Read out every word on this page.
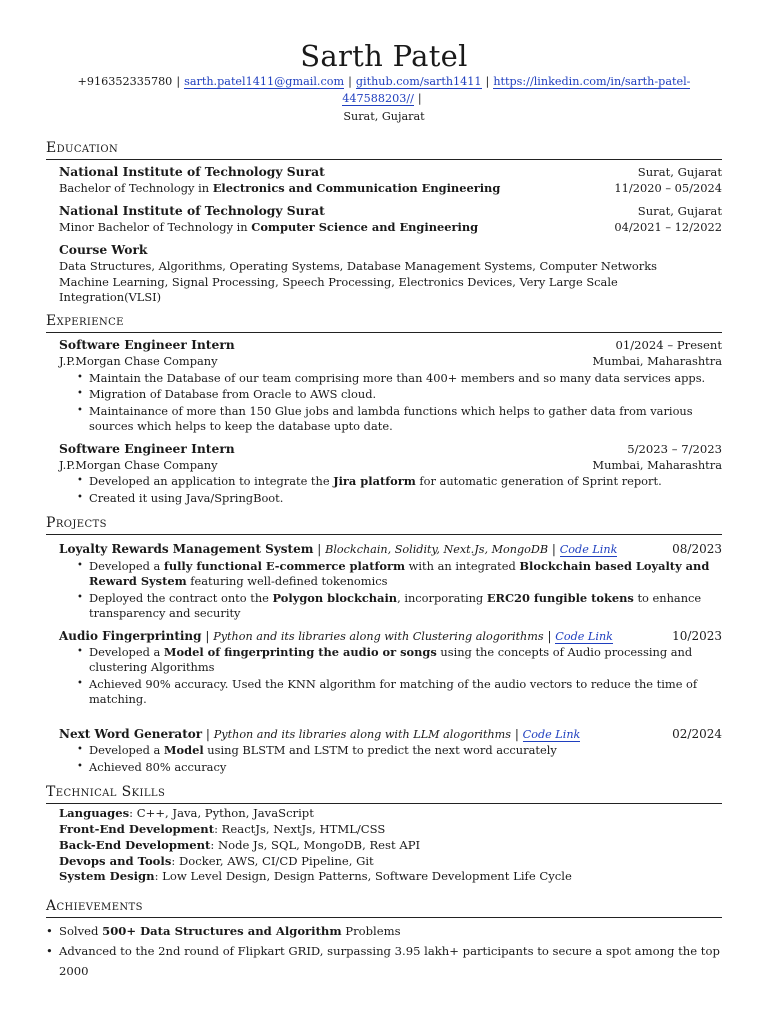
Sarth Patel
+916352335780 | sarth.patel1411@gmail.com | github.com/sarth1411 | https://linkedin.com/in/sarth-patel-447588203// |
Surat, Gujarat
Education
National Institute of Technology Surat	Surat, Gujarat
Bachelor of Technology in Electronics and Communication Engineering	11/2020 – 05/2024
National Institute of Technology Surat	Surat, Gujarat
Minor Bachelor of Technology in Computer Science and Engineering	04/2021 – 12/2022
Course Work
Data Structures, Algorithms, Operating Systems, Database Management Systems, Computer Networks
Machine Learning, Signal Processing, Speech Processing, Electronics Devices, Very Large Scale Integration(VLSI)
Experience
Software Engineer Intern	01/2024 – Present
J.P.Morgan Chase Company	Mumbai, Maharashtra
• Maintain the Database of our team comprising more than 400+ members and so many data services apps.
• Migration of Database from Oracle to AWS cloud.
• Maintainance of more than 150 Glue jobs and lambda functions which helps to gather data from various sources which helps to keep the database upto date.
Software Engineer Intern	5/2023 – 7/2023
J.P.Morgan Chase Company	Mumbai, Maharashtra
• Developed an application to integrate the Jira platform for automatic generation of Sprint report.
• Created it using Java/SpringBoot.
Projects
Loyalty Rewards Management System | Blockchain, Solidity, Next.Js, MongoDB | Code Link	08/2023
• Developed a fully functional E-commerce platform with an integrated Blockchain based Loyalty and Reward System featuring well-defined tokenomics
• Deployed the contract onto the Polygon blockchain, incorporating ERC20 fungible tokens to enhance transparency and security
Audio Fingerprinting | Python and its libraries along with Clustering alogorithms | Code Link	10/2023
• Developed a Model of fingerprinting the audio or songs using the concepts of Audio processing and clustering Algorithms
• Achieved 90% accuracy. Used the KNN algorithm for matching of the audio vectors to reduce the time of matching.
Next Word Generator | Python and its libraries along with LLM alogorithms | Code Link	02/2024
• Developed a Model using BLSTM and LSTM to predict the next word accurately
• Achieved 80% accuracy
Technical Skills
Languages: C++, Java, Python, JavaScript
Front-End Development: ReactJs, NextJs, HTML/CSS
Back-End Development: Node Js, SQL, MongoDB, Rest API
Devops and Tools: Docker, AWS, CI/CD Pipeline, Git
System Design: Low Level Design, Design Patterns, Software Development Life Cycle
Achievements
• Solved 500+ Data Structures and Algorithm Problems
• Advanced to the 2nd round of Flipkart GRID, surpassing 3.95 lakh+ participants to secure a spot among the top 2000
